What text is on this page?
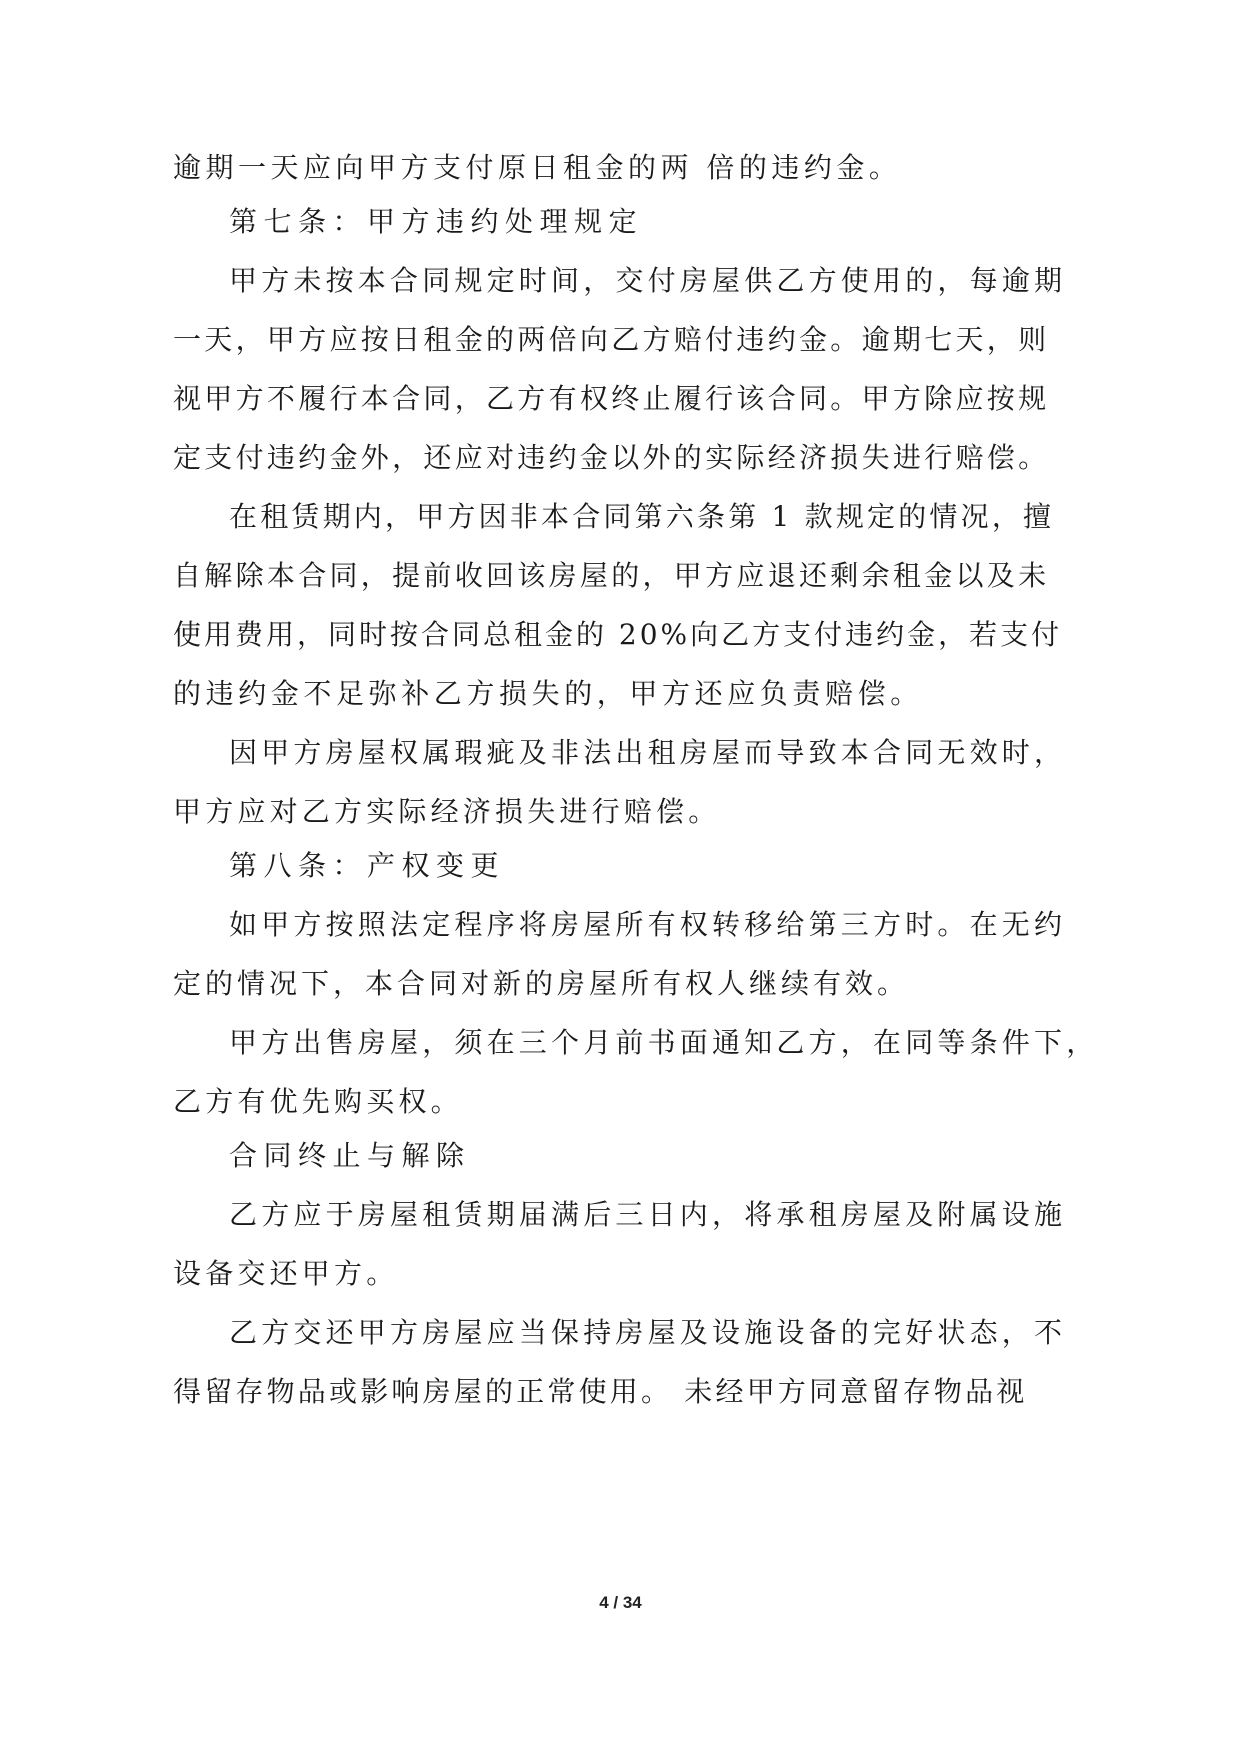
逾期一天应向甲方支付原日租金的两 倍的违约金。
第七条：甲方违约处理规定
甲方未按本合同规定时间，交付房屋供乙方使用的，每逾期
一天，甲方应按日租金的两倍向乙方赔付违约金。逾期七天，则
视甲方不履行本合同，乙方有权终止履行该合同。甲方除应按规
定支付违约金外，还应对违约金以外的实际经济损失进行赔偿。
在租赁期内，甲方因非本合同第六条第 1 款规定的情况，擅
自解除本合同，提前收回该房屋的，甲方应退还剩余租金以及未
使用费用，同时按合同总租金的 20%向乙方支付违约金，若支付
的违约金不足弥补乙方损失的，甲方还应负责赔偿。
因甲方房屋权属瑕疵及非法出租房屋而导致本合同无效时，
甲方应对乙方实际经济损失进行赔偿。
第八条：产权变更
如甲方按照法定程序将房屋所有权转移给第三方时。在无约
定的情况下，本合同对新的房屋所有权人继续有效。
甲方出售房屋，须在三个月前书面通知乙方，在同等条件下，
乙方有优先购买权。
合同终止与解除
乙方应于房屋租赁期届满后三日内，将承租房屋及附属设施
设备交还甲方。
乙方交还甲方房屋应当保持房屋及设施设备的完好状态，不
得留存物品或影响房屋的正常使用。 未经甲方同意留存物品视
4 / 34
